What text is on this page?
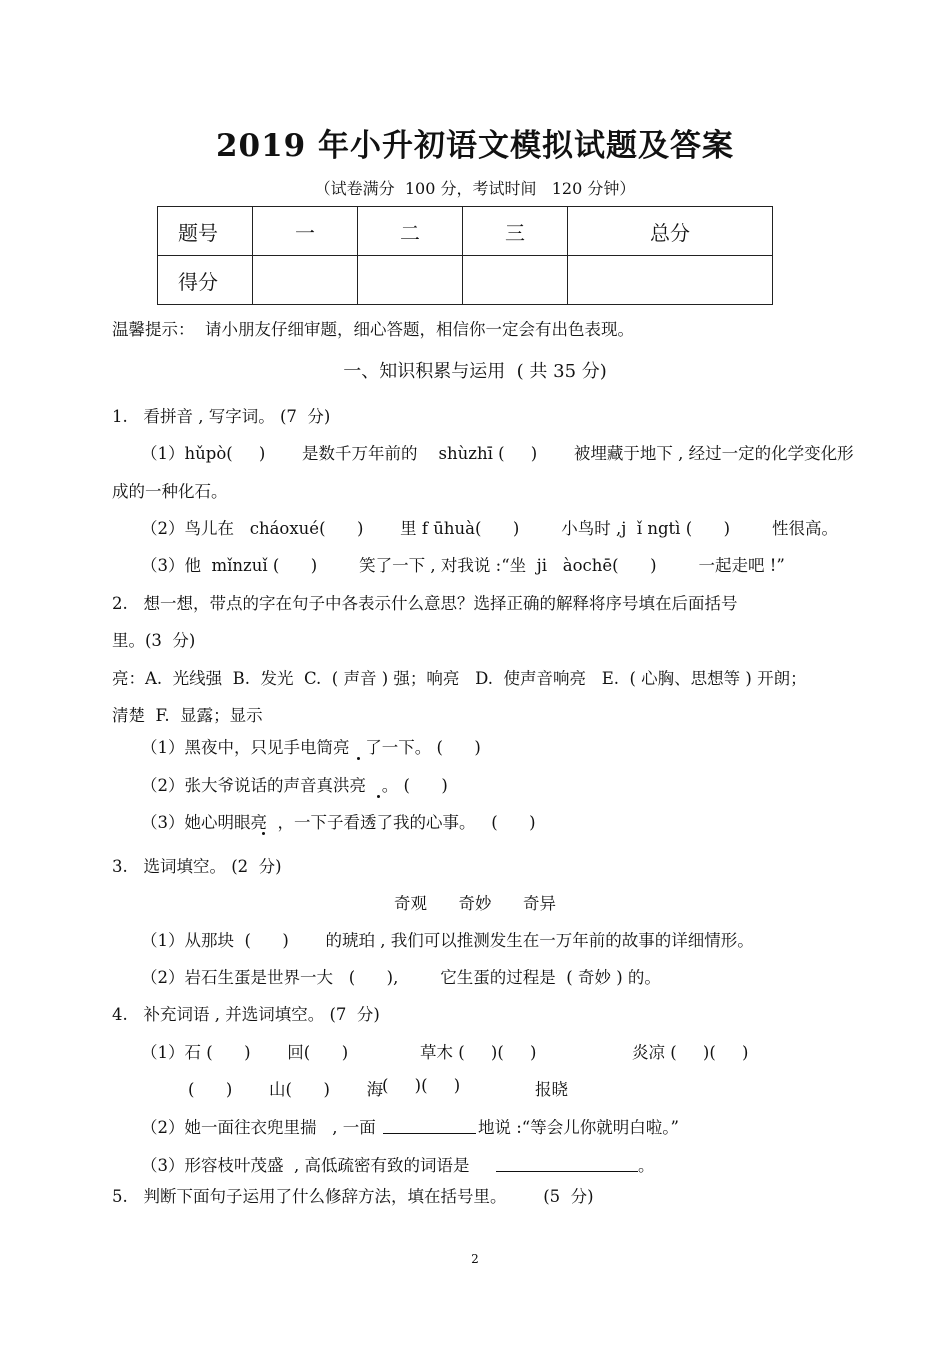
2019 年小升初语文模拟试题及答案
（试卷满分  100 分，考试时间   120 分钟）
题号	一	二	三	总分
得分				
温馨提示：  请小朋友仔细审题，细心答题，相信你一定会有出色表现。
一、知识积累与运用  ( 共 35 分)
1.   看拼音 , 写字词。 (7  分)
（1）hǔpò(     )       是数千万年前的    shùzhī (     )       被埋藏于地下 , 经过一定的化学变化形
成的一种化石。
（2）鸟儿在   cháoxué(      )       里 f ūhuà(      )        小鸟时 ,j  ǐ ngtì (      )        性很高。
（3）他  mǐnzuǐ (      )        笑了一下 , 对我说 :“坐  ji   àochē(      )        一起走吧 !”
2.   想一想，带点的字在句子中各表示什么意思？选择正确的解释将序号填在后面括号
里。(3  分)
亮：A.  光线强  B.  发光  C.  ( 声音 ) 强；响亮   D.  使声音响亮   E.  ( 心胸、思想等 ) 开朗；
清楚  F.  显露；显示
（1）黑夜中，只见手电筒亮   了一下。 (      )
（2）张大爷说话的声音真洪亮   。 (      )
（3）她心明眼亮  ，一下子看透了我的心事。   (      )
3.   选词填空。 (2  分)
奇观      奇妙      奇异
（1）从那块  (      )       的琥珀 , 我们可以推测发生在一万年前的故事的详细情形。
（2）岩石生蛋是世界一大   (      ),        它生蛋的过程是  ( 奇妙 ) 的。
4.   补充词语 , 并选词填空。 (7  分)
（1）石 (      )       回(      )	草木 (     )(     )	炎凉 (     )(     )
(      )       山(      )       海
(     )(     )	报晓
（2）她一面往衣兜里揣   , 一面	地说 :“等会儿你就明白啦。”
（3）形容枝叶茂盛  , 高低疏密有致的词语是	。
5.   判断下面句子运用了什么修辞方法，填在括号里。       (5  分)
2
